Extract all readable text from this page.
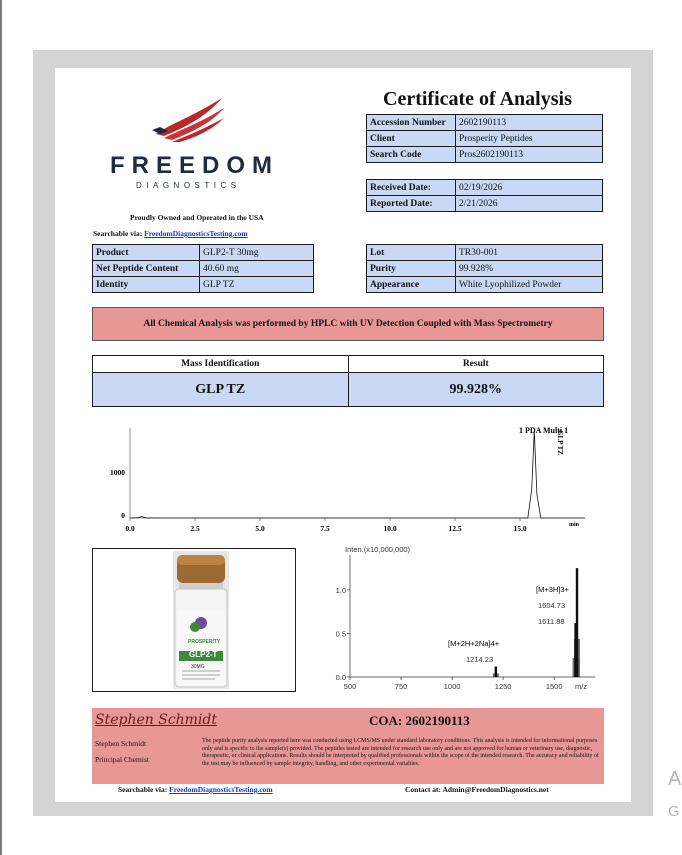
FREEDOM
DIAGNOSTICS
Proudly Owned and Operated in the USA
Searchable via: FreedomDiagnosticsTesting.com
Certificate of Analysis
Accession Number	2602190113
Client	Prosperity Peptides
Search Code	Pros2602190113
Received Date:	02/19/2026
Reported Date:	2/21/2026
Product	GLP2-T 30mg
Net Peptide Content	40.60 mg
Identity	GLP TZ
Lot	TR30-001
Purity	99.928%
Appearance	White Lyophilized Powder
All Chemical Analysis was performed by HPLC with UV Detection Coupled with Mass Spectrometry
Mass Identification	Result
GLP TZ	99.928%
1000
0
0.0	2.5	5.0	7.5	10.0	12.5	15.0	min
1 PDA Multi 1
GLP TZ
PROSPERITY
GLP2-T
30MG
Inten.(x10,000,000)
0.0
0.5
1.0
500	750	1000	1250	1500 m/z
[M+3H]3+
1604.73
1611.88
[M+2H+2Na]4+
1214.23
Stephen Schmidt	COA: 2602190113
Stephen Schmidt
Principal Chemist
The peptide purity analysis reported here was conducted using LCMS/MS under standard laboratory conditions. This analysis is intended for informational purposes only and is specific to the sample(s) provided. The peptides tested are intended for research use only and are not approved for human or veterinary use, diagnostic, therapeutic, or clinical applications. Results should be interpreted by qualified professionals within the scope of the intended research. The accuracy and reliability of the test may be influenced by sample integrity, handling, and other experimental variables.
Searchable via: FreedomDiagnosticsTesting.com	Contact at: Admin@FreedomDiagnostics.net	A
G
